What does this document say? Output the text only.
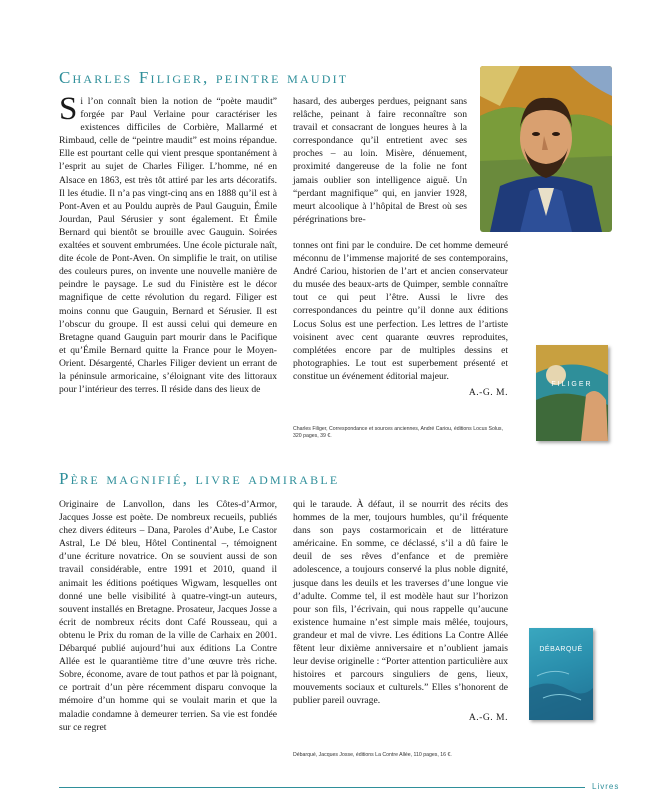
Charles Filiger, peintre maudit

Si l’on connaît bien la notion de “poète maudit” forgée par Paul Verlaine pour caractériser les existences difficiles de Corbière, Mallarmé et Rimbaud, celle de “peintre maudit” est moins répandue. Elle est pourtant celle qui vient presque spontanément à l’esprit au sujet de Charles Filiger. L’homme, né en Alsace en 1863, est très tôt attiré par les arts décoratifs. Il les étudie. Il n’a pas vingt-cinq ans en 1888 qu’il est à Pont-Aven et au Pouldu auprès de Paul Gauguin, Émile Jourdan, Paul Sérusier y sont également. Et Émile Bernard qui bientôt se brouille avec Gauguin. Soirées exaltées et souvent embrumées. Une école picturale naît, dite école de Pont-Aven. On simplifie le trait, on utilise des couleurs pures, on invente une nouvelle manière de peindre le paysage. Le sud du Finistère est le décor magnifique de cette révolution du regard. Filiger est moins connu que Gauguin, Bernard et Sérusier. Il est l’obscur du groupe. Il est aussi celui qui demeure en Bretagne quand Gauguin part mourir dans le Pacifique et qu’Émile Bernard quitte la France pour le Moyen-Orient. Désargenté, Charles Filiger devient un errant de la péninsule armoricaine, s’éloignant vite des littoraux pour l’intérieur des terres. Il réside dans des lieux de

hasard, des auberges perdues, peignant sans relâche, peinant à faire reconnaître son travail et consacrant de longues heures à la correspondance qu’il entretient avec ses proches – au loin. Misère, dénuement, proximité dangereuse de la folie ne font jamais oublier son intelligence aiguë. Un “perdant magnifique” qui, en janvier 1928, meurt alcoolique à l’hôpital de Brest où ses pérégrinations bre-

tonnes ont fini par le conduire. De cet homme demeuré méconnu de l’immense majorité de ses contemporains, André Cariou, historien de l’art et ancien conservateur du musée des beaux-arts de Quimper, semble connaître tout ce qui peut l’être. Aussi le livre des correspondances du peintre qu’il donne aux éditions Locus Solus est une perfection. Les lettres de l’artiste voisinent avec cent quarante œuvres reproduites, complétées encore par de multiples dessins et photographies. Le tout est superbement présenté et constitue un événement éditorial majeur.

A.-G. M.
FILIGER
Charles Filiger, Correspondance et sources anciennes, André Cariou, éditions Locus Solus, 320 pages, 39 €.
Père magnifié, livre admirable

Originaire de Lanvollon, dans les Côtes-d’Armor, Jacques Josse est poète. De nombreux recueils, publiés chez divers éditeurs – Dana, Paroles d’Aube, Le Castor Astral, Le Dé bleu, Hôtel Continental –, témoignent d’une écriture novatrice. On se souvient aussi de son travail considérable, entre 1991 et 2010, quand il animait les éditions poétiques Wigwam, lesquelles ont donné une belle visibilité à quatre-vingt-un auteurs, souvent installés en Bretagne. Prosateur, Jacques Josse a écrit de nombreux récits dont Café Rousseau, qui a obtenu le Prix du roman de la ville de Carhaix en 2001. Débarqué publié aujourd’hui aux éditions La Contre Allée est le quarantième titre d’une œuvre très riche. Sobre, économe, avare de tout pathos et par là poignant, ce portrait d’un père récemment disparu convoque la mémoire d’un homme qui se voulait marin et que la maladie condamne à demeurer terrien. Sa vie est fondée sur ce regret

qui le taraude. À défaut, il se nourrit des récits des hommes de la mer, toujours humbles, qu’il fréquente dans son pays costarmoricain et de littérature américaine. En somme, ce déclassé, s’il a dû faire le deuil de ses rêves d’enfance et de première adolescence, a toujours conservé la plus noble dignité, jusque dans les deuils et les traverses d’une longue vie d’adulte. Comme tel, il est modèle haut sur l’horizon pour son fils, l’écrivain, qui nous rappelle qu’aucune existence humaine n’est simple mais mêlée, toujours, grandeur et mal de vivre. Les éditions La Contre Allée fêtent leur dixième anniversaire et n’oublient jamais leur devise originelle : “Porter attention particulière aux histoires et parcours singuliers de gens, lieux, mouvements sociaux et culturels.” Elles s’honorent de publier pareil ouvrage.

A.-G. M.
DÉBARQUÉ
Débarqué, Jacques Josse, éditions La Contre Allée, 110 pages, 16 €.
Livres
